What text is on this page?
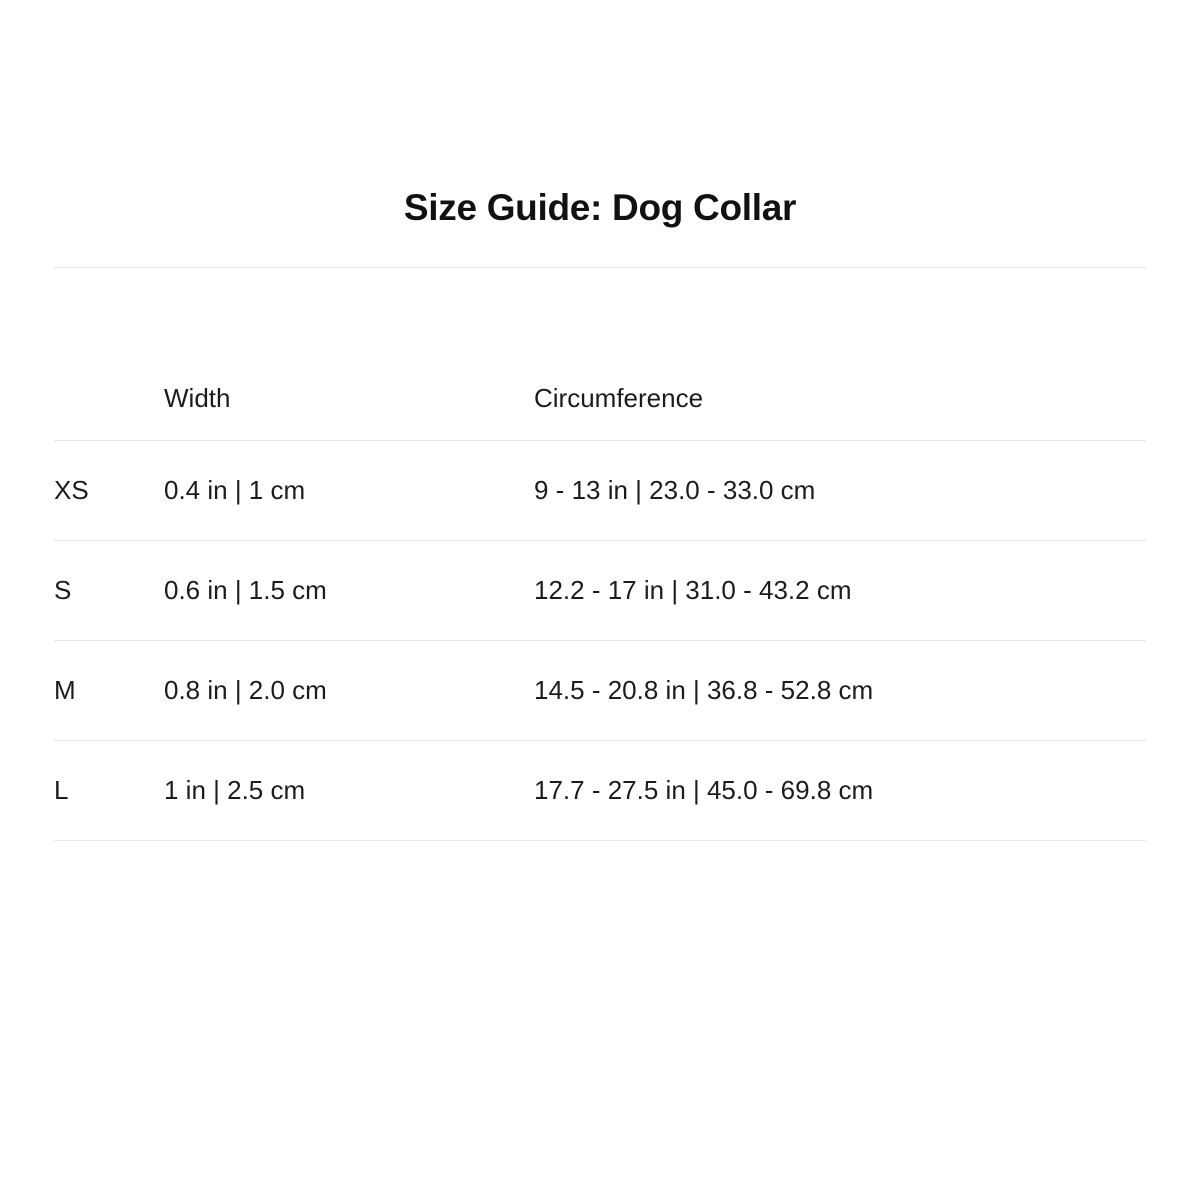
Size Guide: Dog Collar
	Width	Circumference
XS	0.4 in | 1 cm	9 - 13 in | 23.0 - 33.0 cm
S	0.6 in | 1.5 cm	12.2 - 17 in | 31.0 - 43.2 cm
M	0.8 in | 2.0 cm	14.5 - 20.8 in | 36.8 - 52.8 cm
L	1 in | 2.5 cm	17.7 - 27.5 in | 45.0 - 69.8 cm
